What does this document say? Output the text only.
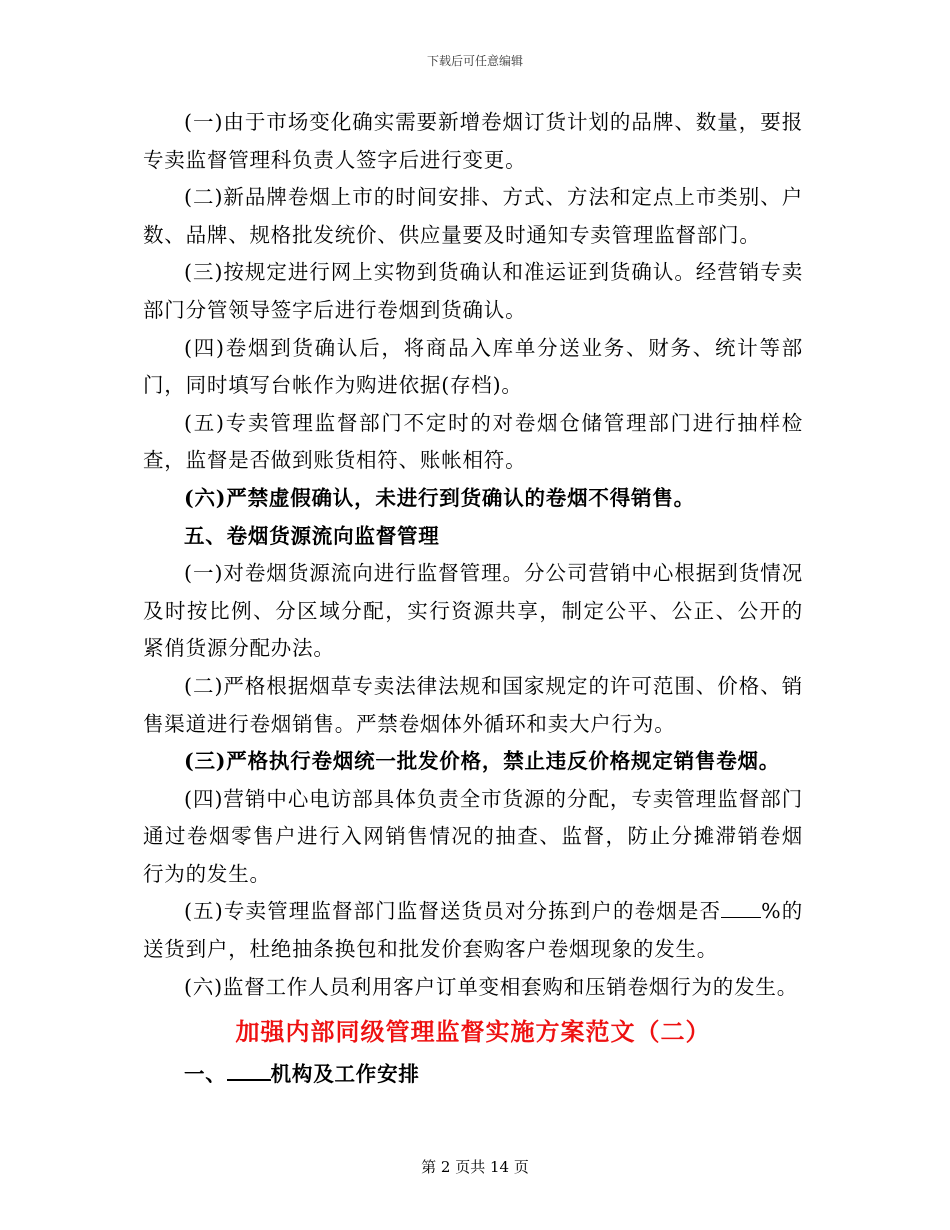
下载后可任意编辑

(一)由于市场变化确实需要新增卷烟订货计划的品牌、数量，要报专卖监督管理科负责人签字后进行变更。

(二)新品牌卷烟上市的时间安排、方式、方法和定点上市类别、户数、品牌、规格批发统价、供应量要及时通知专卖管理监督部门。

(三)按规定进行网上实物到货确认和准运证到货确认。经营销专卖部门分管领导签字后进行卷烟到货确认。

(四)卷烟到货确认后，将商品入库单分送业务、财务、统计等部门，同时填写台帐作为购进依据(存档)。

(五)专卖管理监督部门不定时的对卷烟仓储管理部门进行抽样检查，监督是否做到账货相符、账帐相符。

(六)严禁虚假确认，未进行到货确认的卷烟不得销售。

五、卷烟货源流向监督管理

(一)对卷烟货源流向进行监督管理。分公司营销中心根据到货情况及时按比例、分区域分配，实行资源共享，制定公平、公正、公开的紧俏货源分配办法。

(二)严格根据烟草专卖法律法规和国家规定的许可范围、价格、销售渠道进行卷烟销售。严禁卷烟体外循环和卖大户行为。

(三)严格执行卷烟统一批发价格，禁止违反价格规定销售卷烟。

(四)营销中心电访部具体负责全市货源的分配，专卖管理监督部门通过卷烟零售户进行入网销售情况的抽查、监督，防止分摊滞销卷烟行为的发生。

(五)专卖管理监督部门监督送货员对分拣到户的卷烟是否 %的送货到户，杜绝抽条换包和批发价套购客户卷烟现象的发生。

(六)监督工作人员利用客户订单变相套购和压销卷烟行为的发生。

加强内部同级管理监督实施方案范文（二）

一、 机构及工作安排

第 2 页共 14 页
